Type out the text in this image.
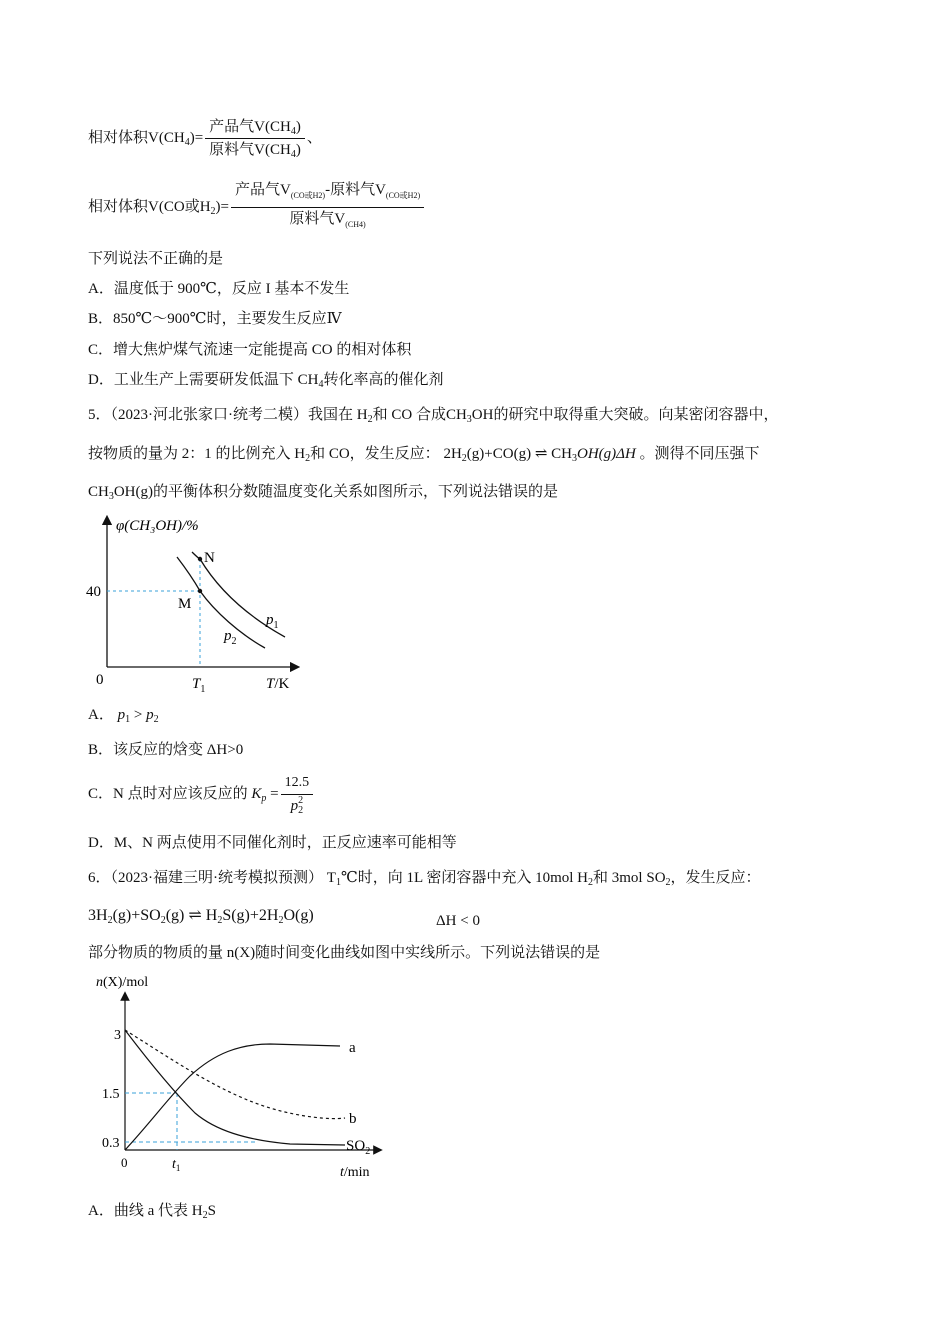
相对体积$V(CH_4)= \frac{产品气V(CH_4)}{原料气V(CH_4)}$ 、
相对体积V(CO或$H_2)= \frac{产品气V_{(CO或H2)}-原料气V_{(CO或H2)}}{原料气V_{(CH4)}}$
下列说法不正确的是
A．温度低于 900℃，反应 I 基本不发生
B．850℃～900℃时，主要发生反应Ⅳ
C．增大焦炉煤气流速一定能提高 CO 的相对体积
D．工业生产上需要研发低温下 $CH_4$转化率高的催化剂
5．（2023·河北张家口·统考二模）我国在 $H_2$和 CO 合成$CH_3OH$的研究中取得重大突破。向某密闭容器中，
按物质的量为 2：1 的比例充入 $H_2$和 CO，发生反应： $2H_2(g)+CO(g)$ ⇌ $CH_3OH(g)\Delta H$ 。测得不同压强下
$CH_3OH(g)$的平衡体积分数随温度变化关系如图所示，下列说法错误的是
φ(CH₃OH)/%
0
40
T/K
$T_1$
N
M
$p_1$
$p_2$
A． $p_1 > p_2$
B．该反应的焓变 ΔH>0
C．N 点时对应该反应的 $K_p = \frac{12.5}{p^2_2}$
D．M、N 两点使用不同催化剂时，正反应速率可能相等
6．（2023·福建三明·统考模拟预测） $T_1℃$时，向 1L 密闭容器中充入 10mol $H_2$和 3mol $SO_2$，发生反应：
$3H_2(g)+SO_2(g)$ ⇌ $H_2S(g)+2H_2O(g)$	ΔH < 0
部分物质的物质的量 n(X)随时间变化曲线如图中实线所示。下列说法错误的是
n(X)/mol
0
3
1.5
0.3
$t_1$	t/min
a
b
$SO_2$
A．曲线 a 代表 $H_2S$
